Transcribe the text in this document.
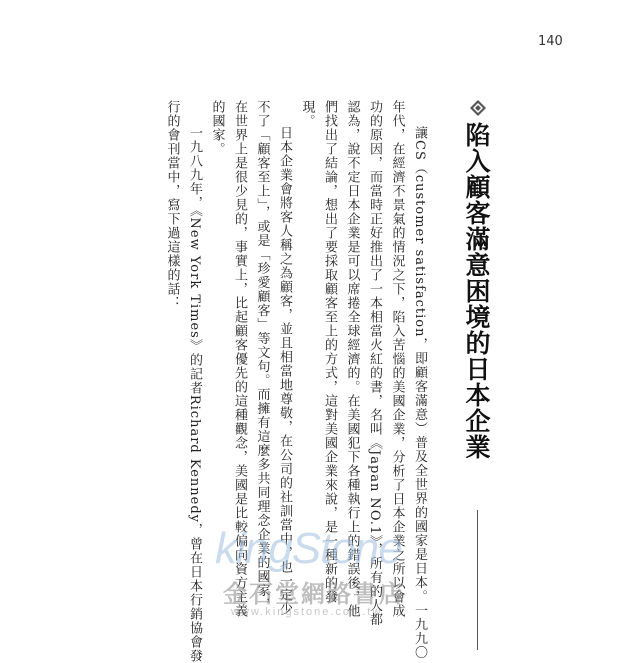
140
陷入顧客滿意困境的日本企業

讓CS（customer satisfaction，即顧客滿意）普及全世界的國家是日本。一九九〇

年代，在經濟不景氣的情況之下，陷入苦惱的美國企業，分析了日本企業之所以會成

功的原因，而當時正好推出了一本相當火紅的書，名叫《Japan NO.1》，所有的人都

認為，說不定日本企業是可以席捲全球經濟的。在美國犯下各種執行上的錯誤後，他

們找出了結論，想出了要採取顧客至上的方式，這對美國企業來說，是一種新的發

現。

日本企業會將客人稱之為顧客，並且相當地尊敬，在公司的社訓當中，也一定少

不了「顧客至上」，或是「珍愛顧客」等文句。而擁有這麼多共同理念企業的國家，

在世界上是很少見的，事實上，比起顧客優先的這種觀念，美國是比較偏向資方主義

的國家。

一九八九年，《New York Times》的記者Richard Kennedy，曾在日本行銷協會發

行的會刊當中，寫下過這樣的話：

kingStone
金石堂網路書店
www.kingstone.com.tw
